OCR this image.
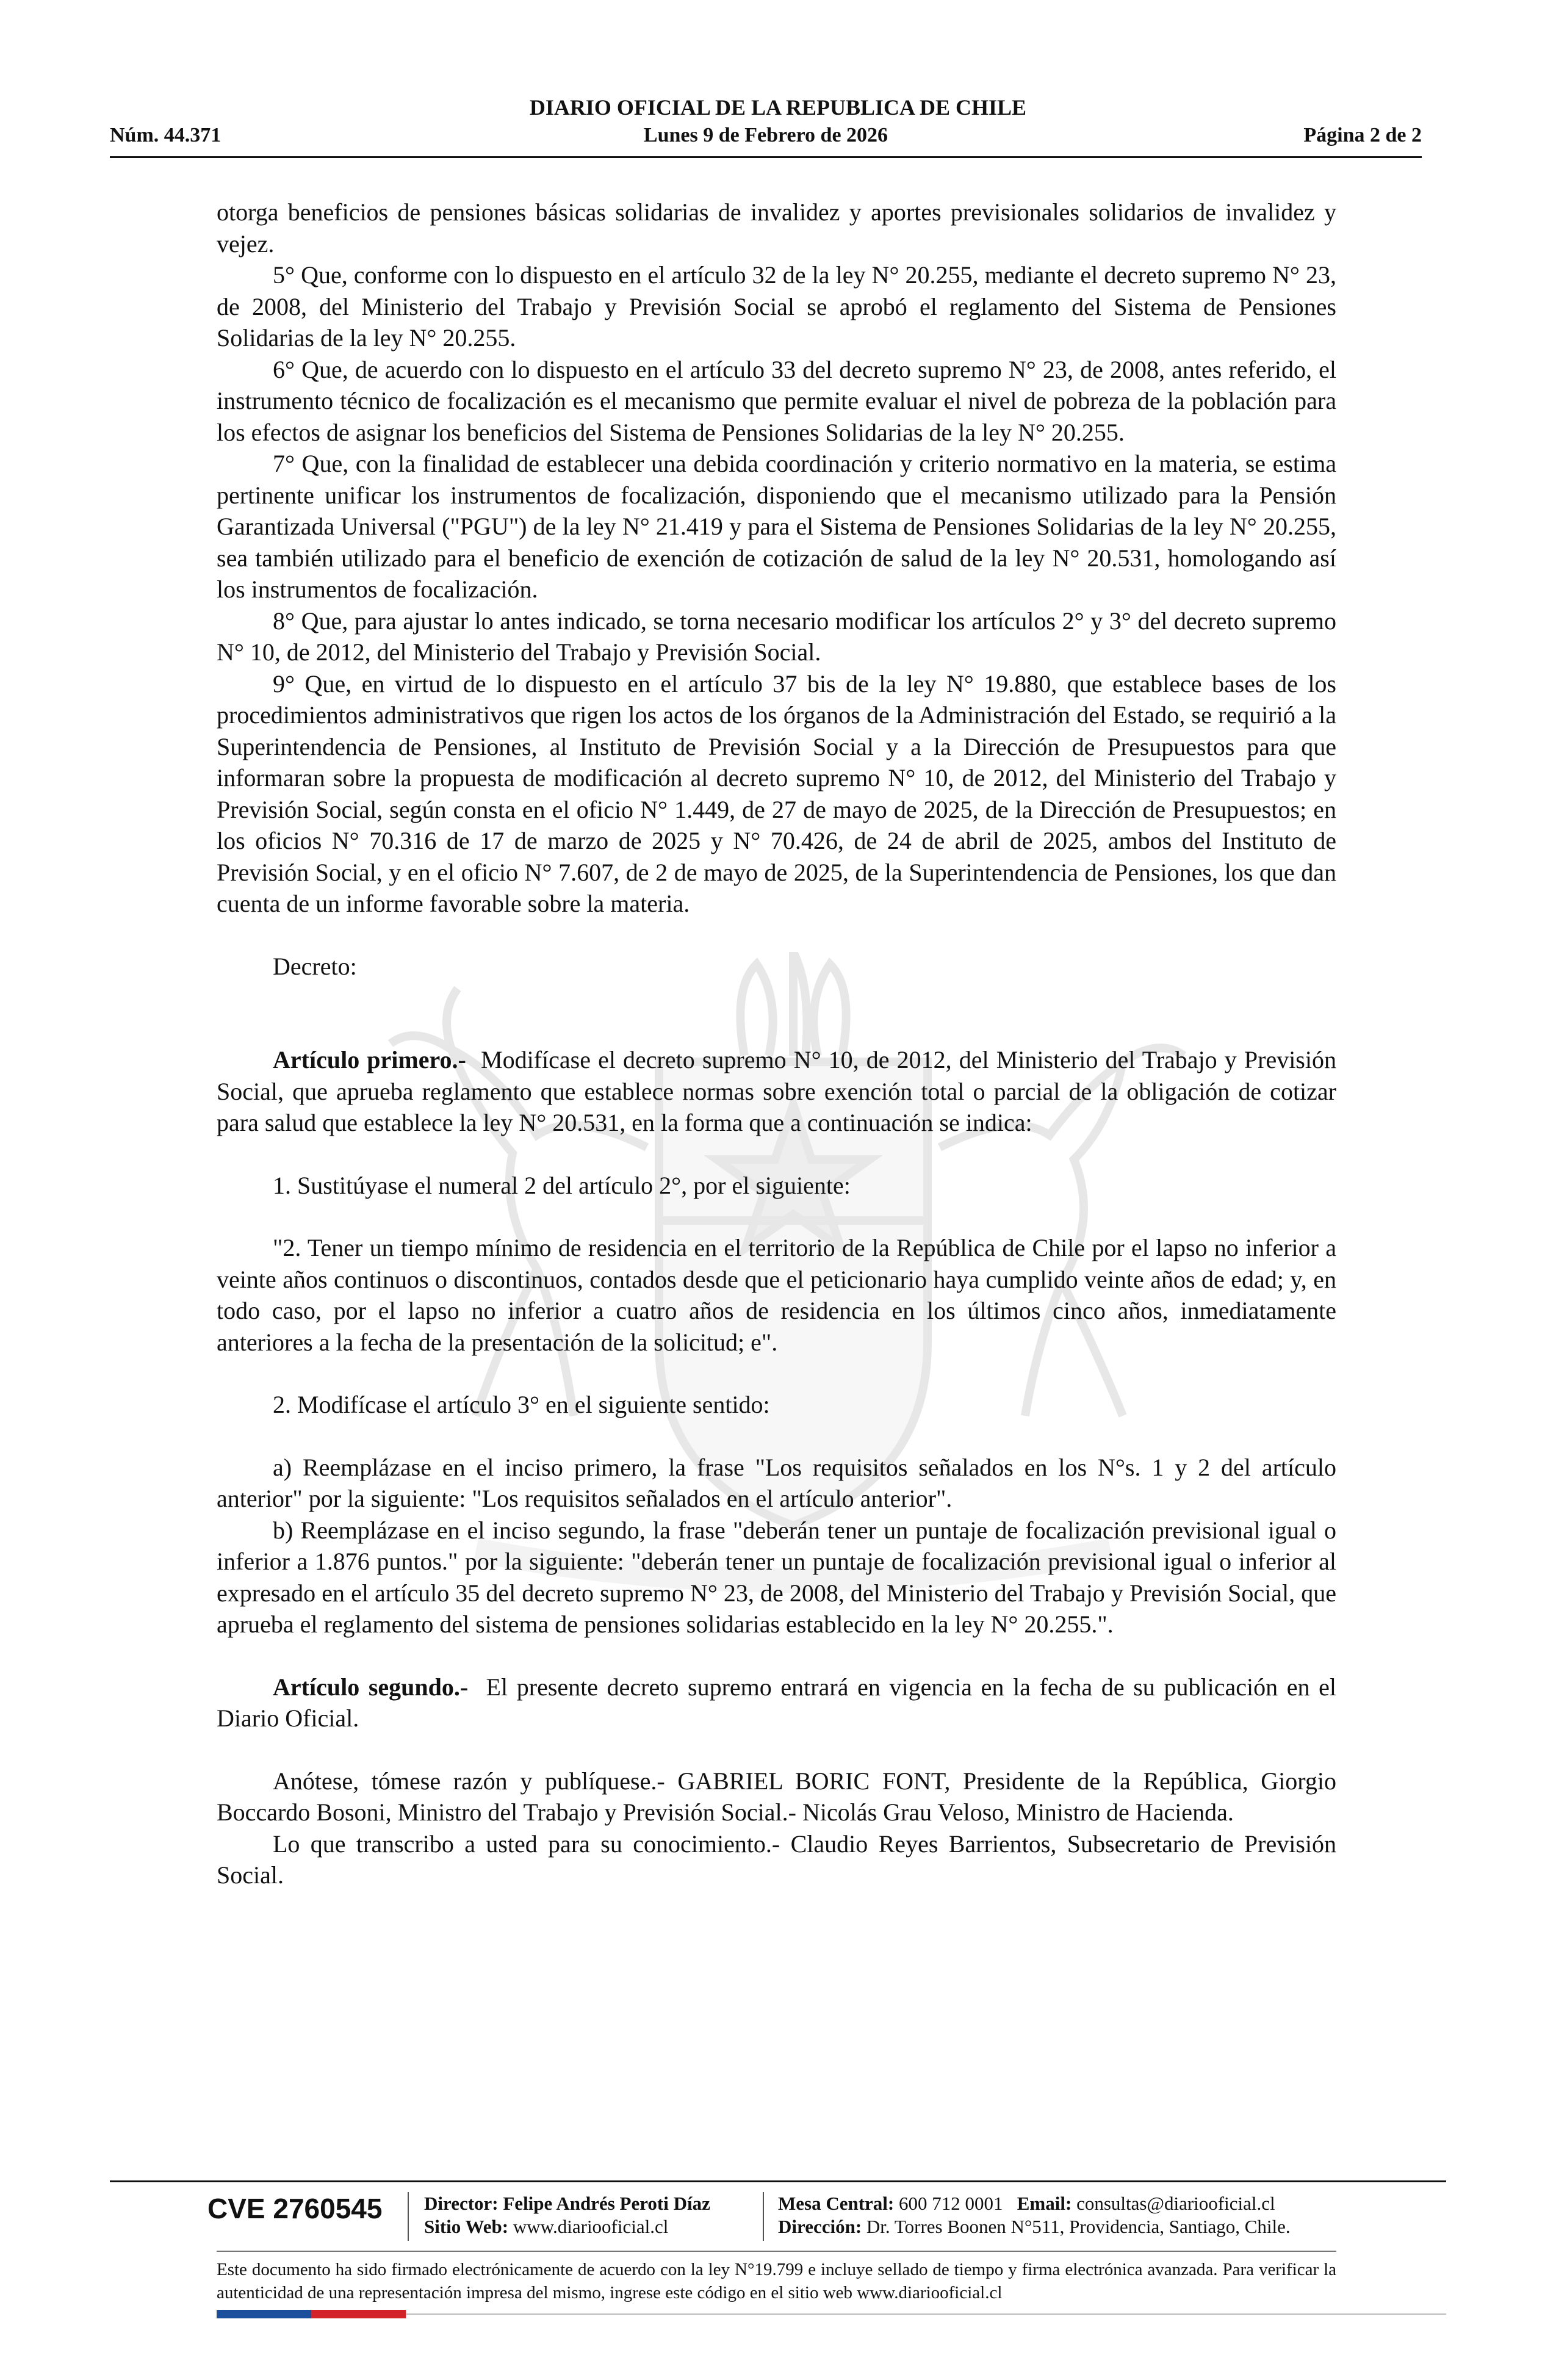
DIARIO OFICIAL DE LA REPUBLICA DE CHILE
Núm. 44.371	Lunes 9 de Febrero de 2026	Página 2 de 2

otorga beneficios de pensiones básicas solidarias de invalidez y aportes previsionales solidarios de invalidez y vejez.

5° Que, conforme con lo dispuesto en el artículo 32 de la ley N° 20.255, mediante el decreto supremo N° 23, de 2008, del Ministerio del Trabajo y Previsión Social se aprobó el reglamento del Sistema de Pensiones Solidarias de la ley N° 20.255.

6° Que, de acuerdo con lo dispuesto en el artículo 33 del decreto supremo N° 23, de 2008, antes referido, el instrumento técnico de focalización es el mecanismo que permite evaluar el nivel de pobreza de la población para los efectos de asignar los beneficios del Sistema de Pensiones Solidarias de la ley N° 20.255.

7° Que, con la finalidad de establecer una debida coordinación y criterio normativo en la materia, se estima pertinente unificar los instrumentos de focalización, disponiendo que el mecanismo utilizado para la Pensión Garantizada Universal ("PGU") de la ley N° 21.419 y para el Sistema de Pensiones Solidarias de la ley N° 20.255, sea también utilizado para el beneficio de exención de cotización de salud de la ley N° 20.531, homologando así los instrumentos de focalización.

8° Que, para ajustar lo antes indicado, se torna necesario modificar los artículos 2° y 3° del decreto supremo N° 10, de 2012, del Ministerio del Trabajo y Previsión Social.

9° Que, en virtud de lo dispuesto en el artículo 37 bis de la ley N° 19.880, que establece bases de los procedimientos administrativos que rigen los actos de los órganos de la Administración del Estado, se requirió a la Superintendencia de Pensiones, al Instituto de Previsión Social y a la Dirección de Presupuestos para que informaran sobre la propuesta de modificación al decreto supremo N° 10, de 2012, del Ministerio del Trabajo y Previsión Social, según consta en el oficio N° 1.449, de 27 de mayo de 2025, de la Dirección de Presupuestos; en los oficios N° 70.316 de 17 de marzo de 2025 y N° 70.426, de 24 de abril de 2025, ambos del Instituto de Previsión Social, y en el oficio N° 7.607, de 2 de mayo de 2025, de la Superintendencia de Pensiones, los que dan cuenta de un informe favorable sobre la materia.

Decreto:

Artículo primero.- Modifícase el decreto supremo N° 10, de 2012, del Ministerio del Trabajo y Previsión Social, que aprueba reglamento que establece normas sobre exención total o parcial de la obligación de cotizar para salud que establece la ley N° 20.531, en la forma que a continuación se indica:

1. Sustitúyase el numeral 2 del artículo 2°, por el siguiente:

"2. Tener un tiempo mínimo de residencia en el territorio de la República de Chile por el lapso no inferior a veinte años continuos o discontinuos, contados desde que el peticionario haya cumplido veinte años de edad; y, en todo caso, por el lapso no inferior a cuatro años de residencia en los últimos cinco años, inmediatamente anteriores a la fecha de la presentación de la solicitud; e".

2. Modifícase el artículo 3° en el siguiente sentido:

a) Reemplázase en el inciso primero, la frase "Los requisitos señalados en los N°s. 1 y 2 del artículo anterior" por la siguiente: "Los requisitos señalados en el artículo anterior".

b) Reemplázase en el inciso segundo, la frase "deberán tener un puntaje de focalización previsional igual o inferior a 1.876 puntos." por la siguiente: "deberán tener un puntaje de focalización previsional igual o inferior al expresado en el artículo 35 del decreto supremo N° 23, de 2008, del Ministerio del Trabajo y Previsión Social, que aprueba el reglamento del sistema de pensiones solidarias establecido en la ley N° 20.255.".

Artículo segundo.- El presente decreto supremo entrará en vigencia en la fecha de su publicación en el Diario Oficial.

Anótese, tómese razón y publíquese.- GABRIEL BORIC FONT, Presidente de la República, Giorgio Boccardo Bosoni, Ministro del Trabajo y Previsión Social.- Nicolás Grau Veloso, Ministro de Hacienda.

Lo que transcribo a usted para su conocimiento.- Claudio Reyes Barrientos, Subsecretario de Previsión Social.

CVE 2760545 Director: Felipe Andrés Peroti Díaz
Sitio Web: www.diariooficial.cl
Mesa Central: 600 712 0001 Email: consultas@diariooficial.cl
Dirección: Dr. Torres Boonen N°511, Providencia, Santiago, Chile.
Este documento ha sido firmado electrónicamente de acuerdo con la ley N°19.799 e incluye sellado de tiempo y firma electrónica avanzada. Para verificar la autenticidad de una representación impresa del mismo, ingrese este código en el sitio web www.diariooficial.cl
